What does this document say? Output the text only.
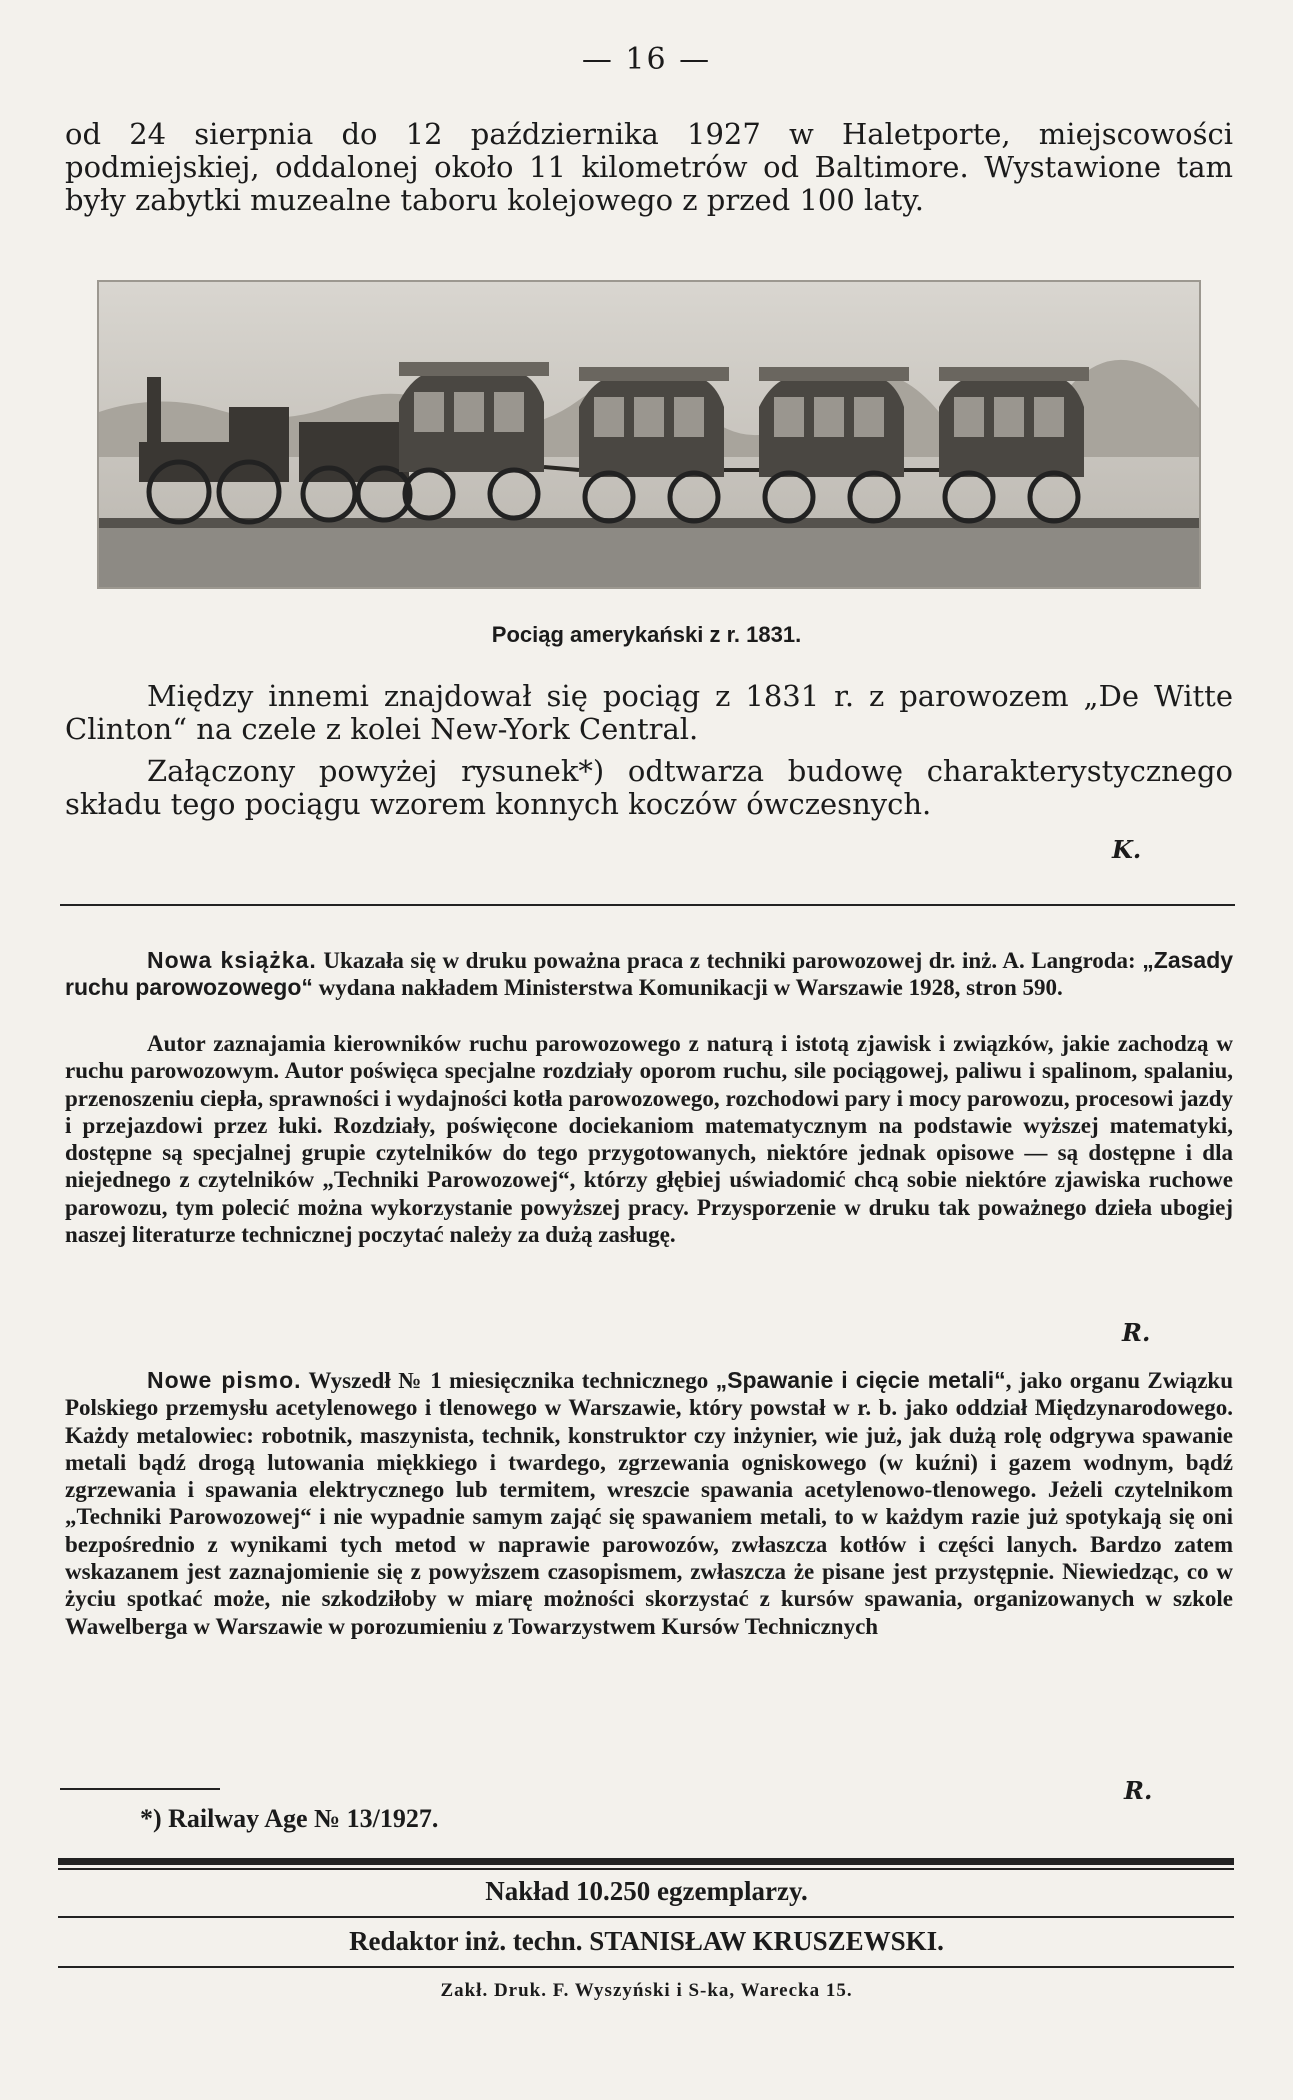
— 16 —
od 24 sierpnia do 12 października 1927 w Haletporte, miejscowości podmiejskiej, oddalonej około 11 kilometrów od Baltimore. Wystawione tam były zabytki muzealne taboru kolejowego z przed 100 laty.
Pociąg amerykański z r. 1831.
Między innemi znajdował się pociąg z 1831 r. z parowozem „De Witte Clinton“ na czele z kolei New-York Central.
Załączony powyżej rysunek*) odtwarza budowę charakterystycznego składu tego pociągu wzorem konnych koczów ówczesnych.
K.
Nowa książka. Ukazała się w druku poważna praca z techniki parowozowej dr. inż. A. Langroda: „Zasady ruchu parowozowego“ wydana nakładem Ministerstwa Komunikacji w Warszawie 1928, stron 590.
Autor zaznajamia kierowników ruchu parowozowego z naturą i istotą zjawisk i związków, jakie zachodzą w ruchu parowozowym. Autor poświęca specjalne rozdziały oporom ruchu, sile pociągowej, paliwu i spalinom, spalaniu, przenoszeniu ciepła, sprawności i wydajności kotła parowozowego, rozchodowi pary i mocy parowozu, procesowi jazdy i przejazdowi przez łuki. Rozdziały, poświęcone dociekaniom matematycznym na podstawie wyższej matematyki, dostępne są specjalnej grupie czytelników do tego przygotowanych, niektóre jednak opisowe — są dostępne i dla niejednego z czytelników „Techniki Parowozowej“, którzy głębiej uświadomić chcą sobie niektóre zjawiska ruchowe parowozu, tym polecić można wykorzystanie powyższej pracy. Przysporzenie w druku tak poważnego dzieła ubogiej naszej literaturze technicznej poczytać należy za dużą zasługę.
R.
Nowe pismo. Wyszedł № 1 miesięcznika technicznego „Spawanie i cięcie metali“, jako organu Związku Polskiego przemysłu acetylenowego i tlenowego w Warszawie, który powstał w r. b. jako oddział Międzynarodowego. Każdy metalowiec: robotnik, maszynista, technik, konstruktor czy inżynier, wie już, jak dużą rolę odgrywa spawanie metali bądź drogą lutowania miękkiego i twardego, zgrzewania ogniskowego (w kuźni) i gazem wodnym, bądź zgrzewania i spawania elektrycznego lub termitem, wreszcie spawania acetylenowo-tlenowego. Jeżeli czytelnikom „Techniki Parowozowej“ i nie wypadnie samym zająć się spawaniem metali, to w każdym razie już spotykają się oni bezpośrednio z wynikami tych metod w naprawie parowozów, zwłaszcza kotłów i części lanych. Bardzo zatem wskazanem jest zaznajomienie się z powyższem czasopismem, zwłaszcza że pisane jest przystępnie. Niewiedząc, co w życiu spotkać może, nie szkodziłoby w miarę możności skorzystać z kursów spawania, organizowanych w szkole Wawelberga w Warszawie w porozumieniu z Towarzystwem Kursów Technicznych
R.
*) Railway Age № 13/1927.
Nakład 10.250 egzemplarzy.
Redaktor inż. techn. STANISŁAW KRUSZEWSKI.
Zakł. Druk. F. Wyszyński i S-ka, Warecka 15.
